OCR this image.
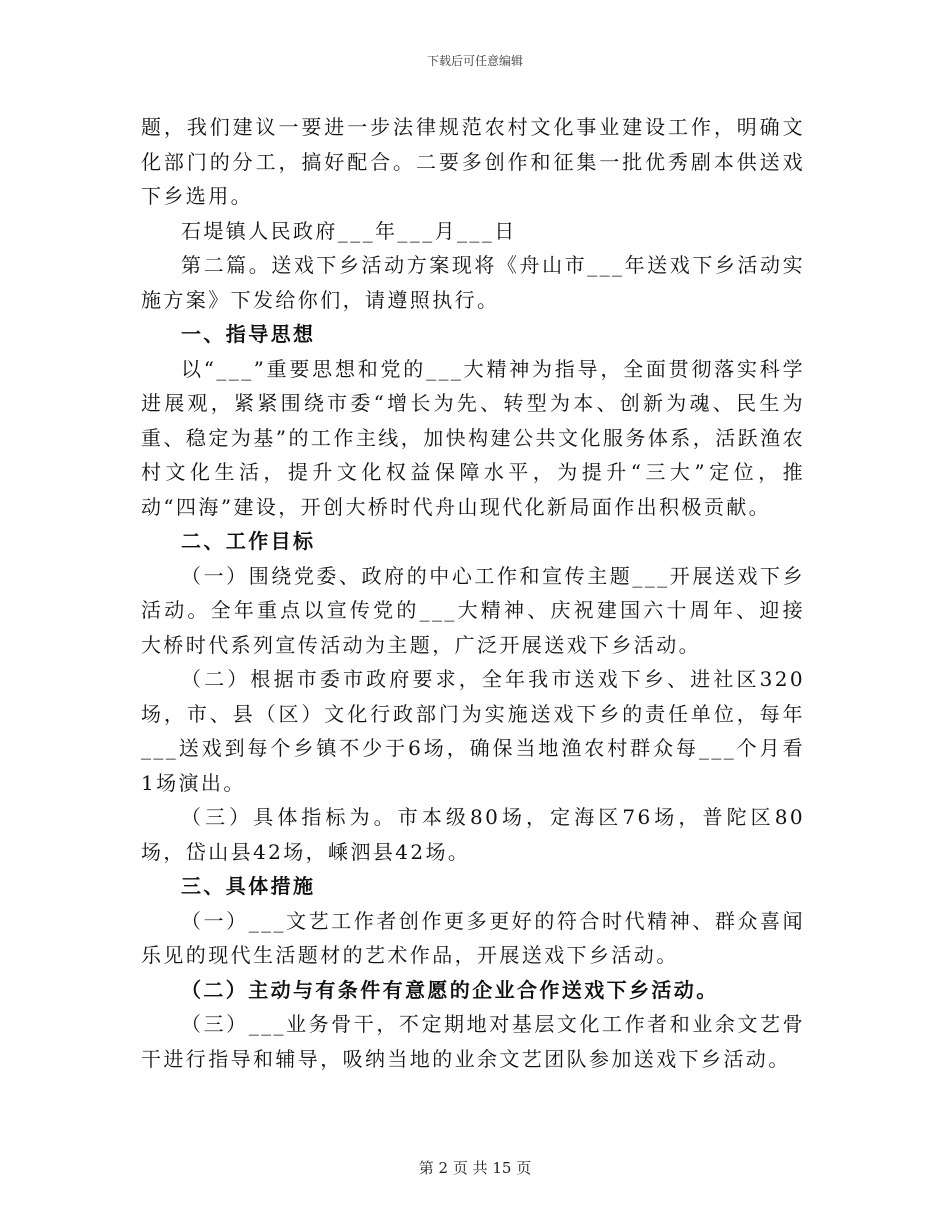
下载后可任意编辑

题，我们建议一要进一步法律规范农村文化事业建设工作，明确文化部门的分工，搞好配合。二要多创作和征集一批优秀剧本供送戏下乡选用。

石堤镇人民政府___年___月___日

第二篇。送戏下乡活动方案现将《舟山市___年送戏下乡活动实施方案》下发给你们，请遵照执行。

一、指导思想

以“___”重要思想和党的___大精神为指导，全面贯彻落实科学进展观，紧紧围绕市委“增长为先、转型为本、创新为魂、民生为重、稳定为基”的工作主线，加快构建公共文化服务体系，活跃渔农村文化生活，提升文化权益保障水平，为提升“三大”定位，推动“四海”建设，开创大桥时代舟山现代化新局面作出积极贡献。

二、工作目标

（一）围绕党委、政府的中心工作和宣传主题___开展送戏下乡活动。全年重点以宣传党的___大精神、庆祝建国六十周年、迎接大桥时代系列宣传活动为主题，广泛开展送戏下乡活动。

（二）根据市委市政府要求，全年我市送戏下乡、进社区320场，市、县（区）文化行政部门为实施送戏下乡的责任单位，每年___送戏到每个乡镇不少于6场，确保当地渔农村群众每___个月看1场演出。

（三）具体指标为。市本级80场，定海区76场，普陀区80场，岱山县42场，嵊泗县42场。

三、具体措施

（一）___文艺工作者创作更多更好的符合时代精神、群众喜闻乐见的现代生活题材的艺术作品，开展送戏下乡活动。

（二）主动与有条件有意愿的企业合作送戏下乡活动。

（三）___业务骨干，不定期地对基层文化工作者和业余文艺骨干进行指导和辅导，吸纳当地的业余文艺团队参加送戏下乡活动。

第 2 页 共 15 页
